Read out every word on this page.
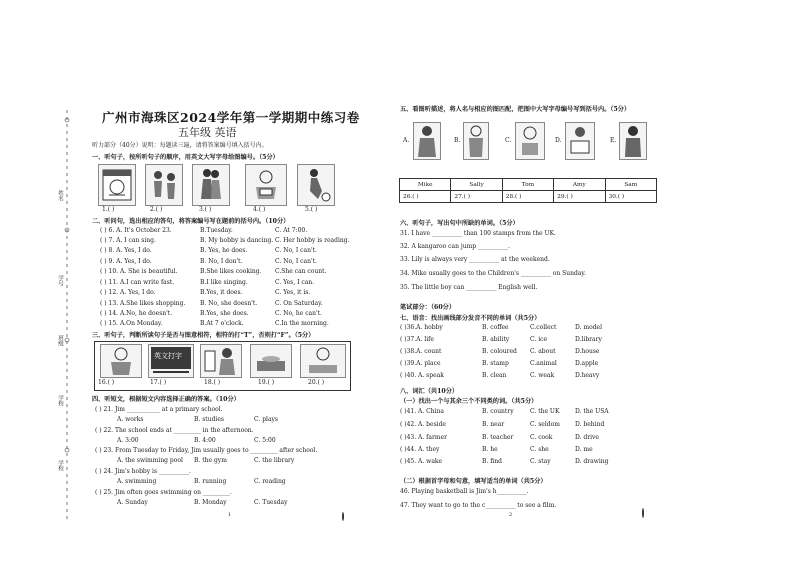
姓名
学号
班级
学校
学校
广州市海珠区2024学年第一学期期中练习卷
五年级 英语
听力部分（40分）说明：每题读三遍，请将答案编号填入括号内。
一、听句子，按所听句子的顺序，用英文大写字母给图编号。（5分）
1.( )	2.( )	3.( )	4.( )	5.( )
二、听问句，选出相应的答句，将答案编号写在题前的括号内。（10分）
( ) 6. A. It's October 23.	B.Tuesday.	C. At 7:00.
( ) 7. A. I can sing.	B. My hobby is dancing. C. Her hobby is reading.
( ) 8. A. Yes, I do.	B. Yes, he does.	C. No, I can't.
( ) 9. A. Yes, I do.	B. No, I don't.	C. No, I can't.
( ) 10. A. She is beautiful.	B.She likes cooking. C.She can count.
( ) 11. A.I can write fast.	B.I like singing.	C. Yes, I can.
( ) 12. A. Yes, I do.	B.Yes, it does.	C. Yes, it is.
( ) 13. A.She likes shopping. B. No, she doesn't.	C. On Saturday.
( ) 14. A.No, he doesn't.	B.Yes, she does.	C. No, he can't.
( ) 15. A.On Monday.	B.At 7 o'clock.	C.In the morning.
三、听句子，判断所读句子是否与图意相符，相符的打“T”，否则打“F”。（5分）
英文打字
16.( )	17.( )	18.( )	19.( )	20.( )
四、听短文，根据短文内容选择正确的答案。（10分）
( ) 21. Jim ___________ at a primary school.
A. works	B. studies	C. plays
( ) 22. The school ends at _________ in the afternoon.
A. 3:00	B. 4:00	C. 5:00
( ) 23. From Tuesday to Friday, Jim usually goes to _________ after school.
A. the swimming pool B. the gym	C. the library
( ) 24. Jim's hobby is __________.
A. swimming	B. running	C. reading
( ) 25. Jim often goes swimming on _________.
A. Sunday	B. Monday	C. Tuesday
1
五、看图听描述，将人名与相应的图匹配，把图中大写字母编号写到括号内。（5分）
A.	B.	C.	D.	E.
Mike	Sally	Tom	Amy	Sam
26.( )	27.( )	28.( )	29.( )	30.( )
六、听句子，写出句中所缺的单词。（5分）
31. I have __________ than 100 stamps from the UK.
32. A kangaroo can jump __________.
33. Lily is always very __________ at the weekend.
34. Mike usually goes to the Children's __________ on Sunday.
35. The little boy can __________ English well.
笔试部分：（60分）
七、语音：找出画线部分发音不同的单词（共5分）
( )36.A. hobby	B. coffee	C.collect	D. model
( )37.A. life	B. ability	C. ice	D.library
( )38.A. count	B. coloured C. about	D.house
( )39.A. place	B. stamp	C.animal	D.apple
( )40. A. speak	B. clean	C. weak	D.heavy
八、词汇（共10分）
（一）找出一个与其余三个不同类的词。（共5分）
( )41. A. China	B. country	C. the UK	D. the USA
( )42. A. beside	B. near	C. seldom	D. behind
( )43. A. farmer	B. teacher	C. cook	D. drive
( )44. A. they	B. he	C. she	D. me
( )45. A. wake	B. find	C. stay	D. drawing
（二）根据首字母和句意，填写适当的单词（共5分）
46. Playing basketball is Jim's h__________.
47. They want to go to the c__________ to see a film.
2
